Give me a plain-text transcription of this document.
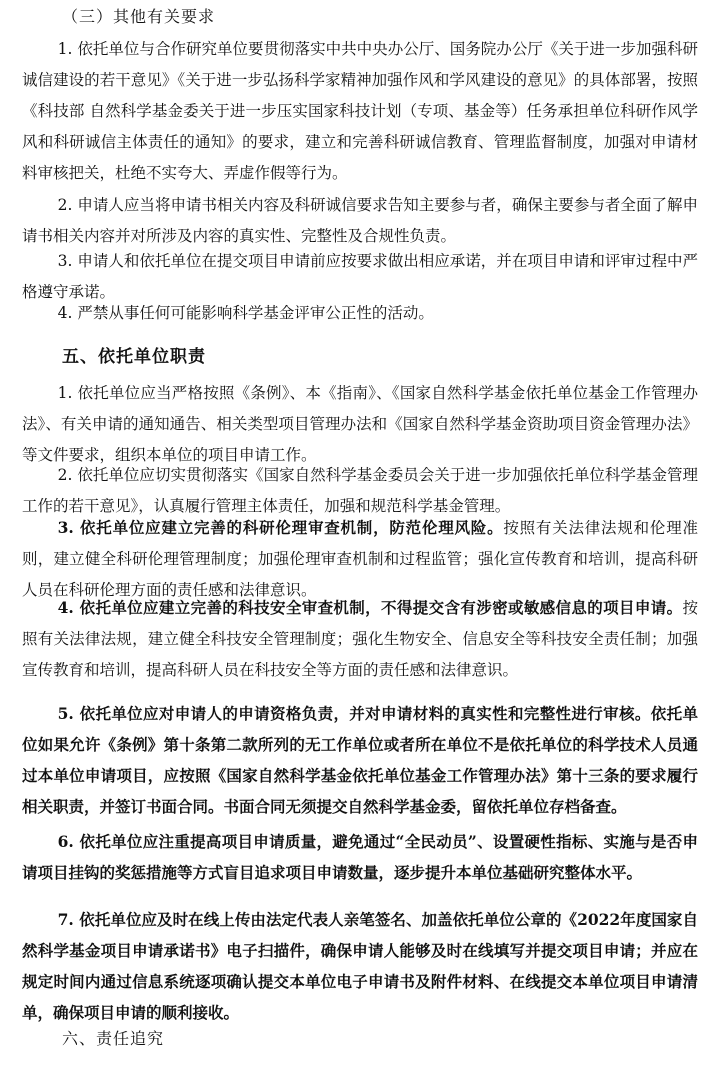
（三）其他有关要求
1. 依托单位与合作研究单位要贯彻落实中共中央办公厅、国务院办公厅《关于进一步加强科研诚信建设的若干意见》《关于进一步弘扬科学家精神加强作风和学风建设的意见》的具体部署，按照《科技部 自然科学基金委关于进一步压实国家科技计划（专项、基金等）任务承担单位科研作风学风和科研诚信主体责任的通知》的要求，建立和完善科研诚信教育、管理监督制度，加强对申请材料审核把关，杜绝不实夸大、弄虚作假等行为。
2. 申请人应当将申请书相关内容及科研诚信要求告知主要参与者，确保主要参与者全面了解申请书相关内容并对所涉及内容的真实性、完整性及合规性负责。
3. 申请人和依托单位在提交项目申请前应按要求做出相应承诺，并在项目申请和评审过程中严格遵守承诺。
4. 严禁从事任何可能影响科学基金评审公正性的活动。
五、依托单位职责
1. 依托单位应当严格按照《条例》、本《指南》、《国家自然科学基金依托单位基金工作管理办法》、有关申请的通知通告、相关类型项目管理办法和《国家自然科学基金资助项目资金管理办法》等文件要求，组织本单位的项目申请工作。
2. 依托单位应切实贯彻落实《国家自然科学基金委员会关于进一步加强依托单位科学基金管理工作的若干意见》，认真履行管理主体责任，加强和规范科学基金管理。
3. 依托单位应建立完善的科研伦理审查机制，防范伦理风险。按照有关法律法规和伦理准则，建立健全科研伦理管理制度；加强伦理审查机制和过程监管；强化宣传教育和培训，提高科研人员在科研伦理方面的责任感和法律意识。
4. 依托单位应建立完善的科技安全审查机制，不得提交含有涉密或敏感信息的项目申请。按照有关法律法规，建立健全科技安全管理制度；强化生物安全、信息安全等科技安全责任制；加强宣传教育和培训，提高科研人员在科技安全等方面的责任感和法律意识。
5. 依托单位应对申请人的申请资格负责，并对申请材料的真实性和完整性进行审核。依托单位如果允许《条例》第十条第二款所列的无工作单位或者所在单位不是依托单位的科学技术人员通过本单位申请项目，应按照《国家自然科学基金依托单位基金工作管理办法》第十三条的要求履行相关职责，并签订书面合同。书面合同无须提交自然科学基金委，留依托单位存档备查。
6. 依托单位应注重提高项目申请质量，避免通过“全民动员”、设置硬性指标、实施与是否申请项目挂钩的奖惩措施等方式盲目追求项目申请数量，逐步提升本单位基础研究整体水平。
7. 依托单位应及时在线上传由法定代表人亲笔签名、加盖依托单位公章的《2022年度国家自然科学基金项目申请承诺书》电子扫描件，确保申请人能够及时在线填写并提交项目申请；并应在规定时间内通过信息系统逐项确认提交本单位电子申请书及附件材料、在线提交本单位项目申请清单，确保项目申请的顺利接收。
六、责任追究
